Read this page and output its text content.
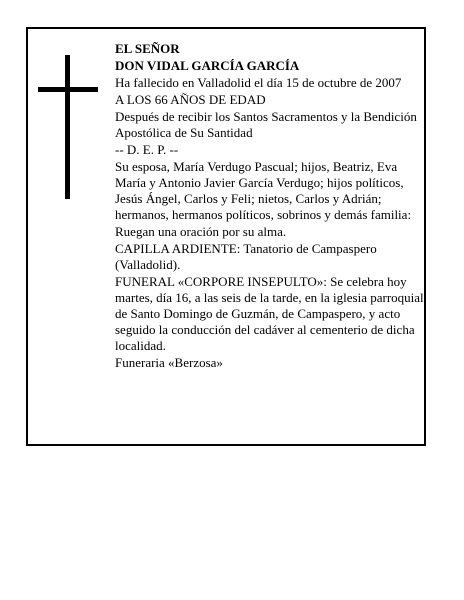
EL SEÑOR

DON VIDAL GARCÍA GARCÍA

Ha fallecido en Valladolid el día 15 de octubre de 2007

A LOS 66 AÑOS DE EDAD

Después de recibir los Santos Sacramentos y la Bendición Apostólica de Su Santidad

-- D. E. P. --

Su esposa, María Verdugo Pascual; hijos, Beatriz, Eva María y Antonio Javier García Verdugo; hijos políticos, Jesús Ángel, Carlos y Feli; nietos, Carlos y Adrián; hermanos, hermanos políticos, sobrinos y demás familia:

Ruegan una oración por su alma.

CAPILLA ARDIENTE: Tanatorio de Campaspero (Valladolid).

FUNERAL «CORPORE INSEPULTO»: Se celebra hoy martes, día 16, a las seis de la tarde, en la iglesia parroquial de Santo Domingo de Guzmán, de Campaspero, y acto seguido la conducción del cadáver al cementerio de dicha localidad.

Funeraria «Berzosa»
